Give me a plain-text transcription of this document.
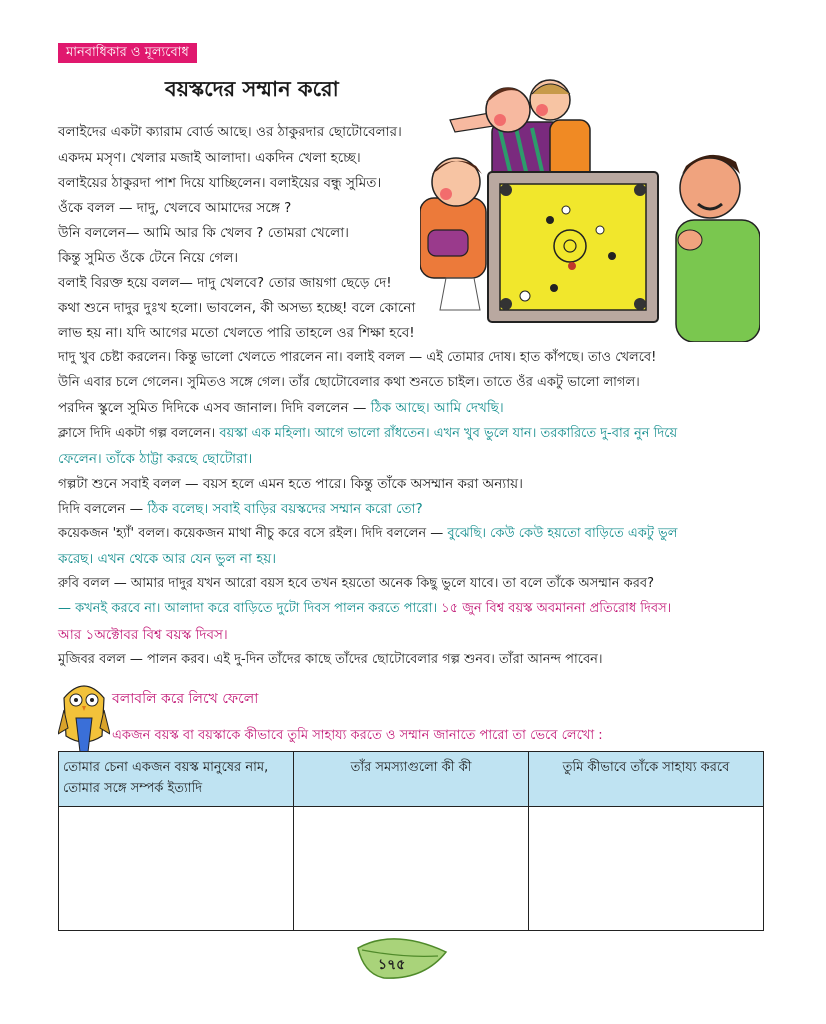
মানবাধিকার ও মূল্যবোধ
বয়স্কদের সম্মান করো
বলাইদের একটা ক্যারাম বোর্ড আছে। ওর ঠাকুরদার ছোটোবেলার।
একদম মসৃণ। খেলার মজাই আলাদা। একদিন খেলা হচ্ছে।
বলাইয়ের ঠাকুরদা পাশ দিয়ে যাচ্ছিলেন। বলাইয়ের বন্ধু সুমিত।
ওঁকে বলল — দাদু, খেলবে আমাদের সঙ্গে ?
উনি বললেন— আমি আর কি খেলব ? তোমরা খেলো।
কিন্তু সুমিত ওঁকে টেনে নিয়ে গেল।
বলাই বিরক্ত হয়ে বলল— দাদু খেলবে? তোর জায়গা ছেড়ে দে!
কথা শুনে দাদুর দুঃখ হলো। ভাবলেন, কী অসভ্য হচ্ছে! বলে কোনো
লাভ হয় না। যদি আগের মতো খেলতে পারি তাহলে ওর শিক্ষা হবে!
দাদু খুব চেষ্টা করলেন। কিন্তু ভালো খেলতে পারলেন না। বলাই বলল — এই তোমার দোষ। হাত কাঁপছে। তাও খেলবে!
উনি এবার চলে গেলেন। সুমিতও সঙ্গে গেল। তাঁর ছোটোবেলার কথা শুনতে চাইল। তাতে ওঁর একটু ভালো লাগল।
পরদিন স্কুলে সুমিত দিদিকে এসব জানাল। দিদি বললেন — ঠিক আছে। আমি দেখছি।
ক্লাসে দিদি একটা গল্প বললেন। বয়স্কা এক মহিলা। আগে ভালো রাঁধতেন। এখন খুব ভুলে যান। তরকারিতে দু-বার নুন দিয়ে
ফেলেন। তাঁকে ঠাট্টা করছে ছোটোরা।
গল্পটা শুনে সবাই বলল — বয়স হলে এমন হতে পারে। কিন্তু তাঁকে অসম্মান করা অন্যায়।
দিদি বললেন — ঠিক বলেছ। সবাই বাড়ির বয়স্কদের সম্মান করো তো?
কয়েকজন 'হ্যাঁ' বলল। কয়েকজন মাথা নীচু করে বসে রইল। দিদি বললেন — বুঝেছি। কেউ কেউ হয়তো বাড়িতে একটু ভুল
করেছ। এখন থেকে আর যেন ভুল না হয়।
রুবি বলল — আমার দাদুর যখন আরো বয়স হবে তখন হয়তো অনেক কিছু ভুলে যাবে। তা বলে তাঁকে অসম্মান করব?
— কখনই করবে না। আলাদা করে বাড়িতে দুটো দিবস পালন করতে পারো। ১৫ জুন বিশ্ব বয়স্ক অবমাননা প্রতিরোধ দিবস।
আর ১অক্টোবর বিশ্ব বয়স্ক দিবস।
মুজিবর বলল — পালন করব। এই দু-দিন তাঁদের কাছে তাঁদের ছোটোবেলার গল্প শুনব। তাঁরা আনন্দ পাবেন।
বলাবলি করে লিখে ফেলো
একজন বয়স্ক বা বয়স্কাকে কীভাবে তুমি সাহায্য করতে ও সম্মান জানাতে পারো তা ভেবে লেখো :
তোমার চেনা একজন বয়স্ক মানুষের নাম,
তোমার সঙ্গে সম্পর্ক ইত্যাদি	তাঁর সমস্যাগুলো কী কী	তুমি কীভাবে তাঁকে সাহায্য করবে

১৭৫
